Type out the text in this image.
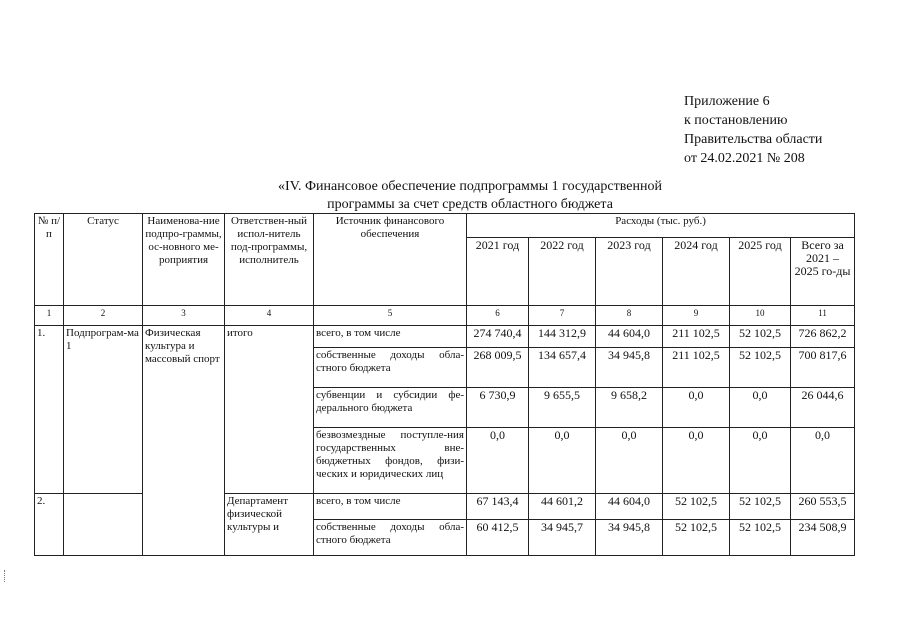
Приложение 6
к постановлению
Правительства области
от 24.02.2021 № 208
«IV. Финансовое обеспечение подпрограммы 1 государственной
программы за счет средств областного бюджета
№ п/п	Статус	Наименова-ние подпро-граммы, ос-новного ме-роприятия	Ответствен-ный испол-нитель под-программы, исполнитель	Источник финансового обеспечения	Расходы (тыс. руб.)					
					2021 год	2022 год	2023 год	2024 год	2025 год	Всего за 2021 – 2025 го-ды
1	2	3	4	5	6	7	8	9	10	11
1.	Подпрограм-ма 1	Физическая культура и массовый спорт	итого	всего, в том числе	274 740,4	144 312,9	44 604,0	211 102,5	52 102,5	726 862,2
				собственные доходы обла-стного бюджета	268 009,5	134 657,4	34 945,8	211 102,5	52 102,5	700 817,6
				субвенции и субсидии фе-дерального бюджета	6 730,9	9 655,5	9 658,2	0,0	0,0	26 044,6
				безвозмездные поступле-ния государственных вне-бюджетных фондов, физи-ческих и юридических лиц	0,0	0,0	0,0	0,0	0,0	0,0
2.			Департамент физической культуры и	всего, в том числе	67 143,4	44 601,2	44 604,0	52 102,5	52 102,5	260 553,5
				собственные доходы обла-стного бюджета	60 412,5	34 945,7	34 945,8	52 102,5	52 102,5	234 508,9
